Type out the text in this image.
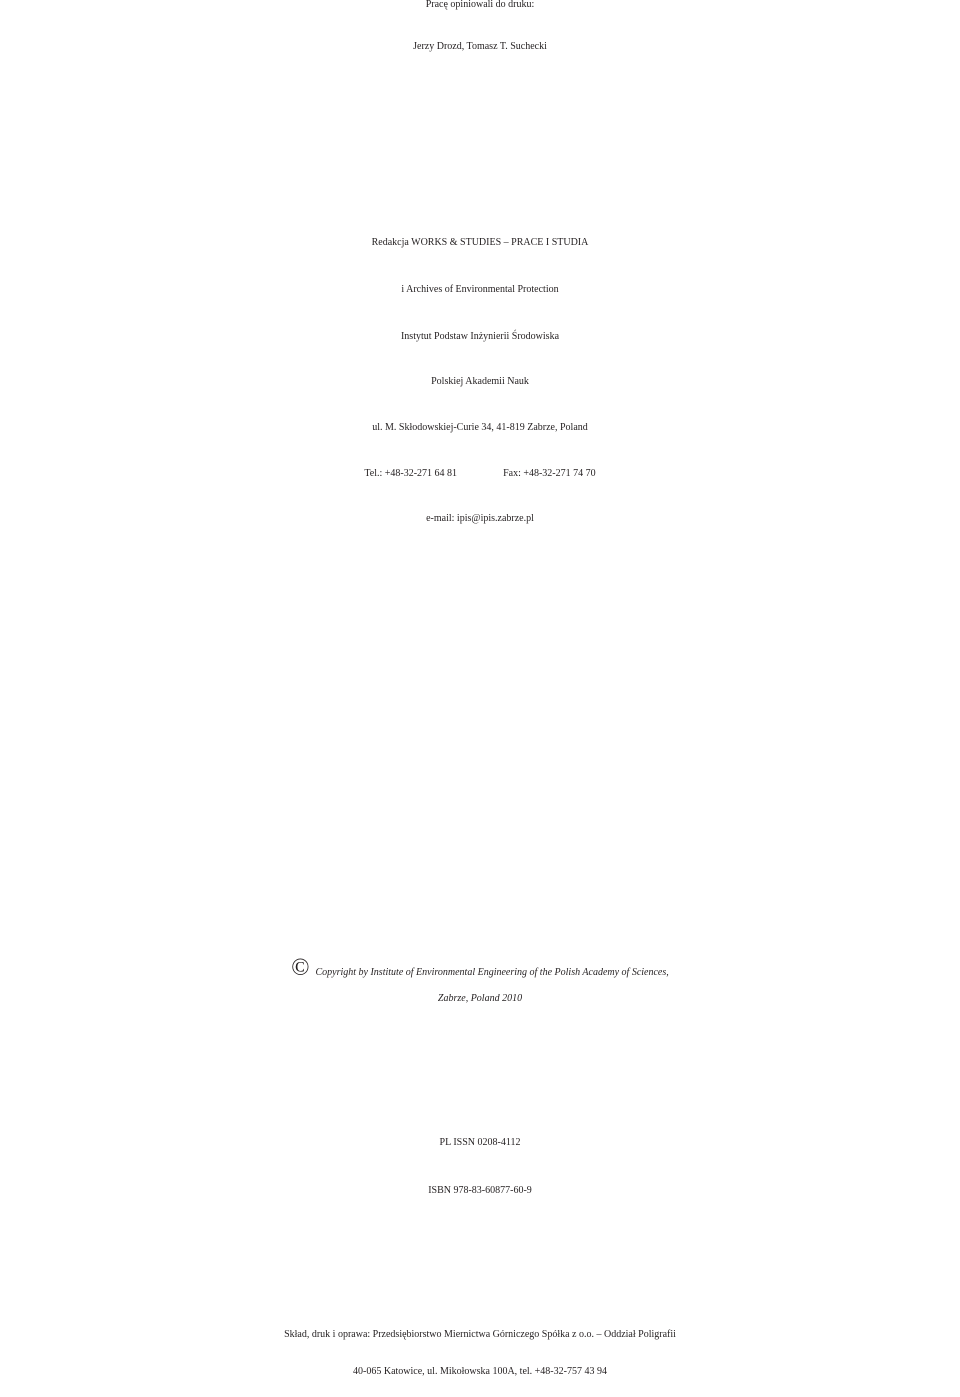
Pracę opiniowali do druku:
Jerzy Drozd, Tomasz T. Suchecki
Redakcja WORKS & STUDIES – PRACE I STUDIA
i Archives of Environmental Protection
Instytut Podstaw Inżynierii Środowiska
Polskiej Akademii Nauk
ul. M. Skłodowskiej-Curie 34, 41-819 Zabrze, Poland
Tel.: +48-32-271 64 81	Fax: +48-32-271 74 70
e-mail: ipis@ipis.zabrze.pl
© Copyright by Institute of Environmental Engineering of the Polish Academy of Sciences,
Zabrze, Poland 2010
PL ISSN 0208-4112
ISBN 978-83-60877-60-9
Skład, druk i oprawa: Przedsiębiorstwo Miernictwa Górniczego Spółka z o.o. – Oddział Poligrafii
40-065 Katowice, ul. Mikołowska 100A, tel. +48-32-757 43 94
